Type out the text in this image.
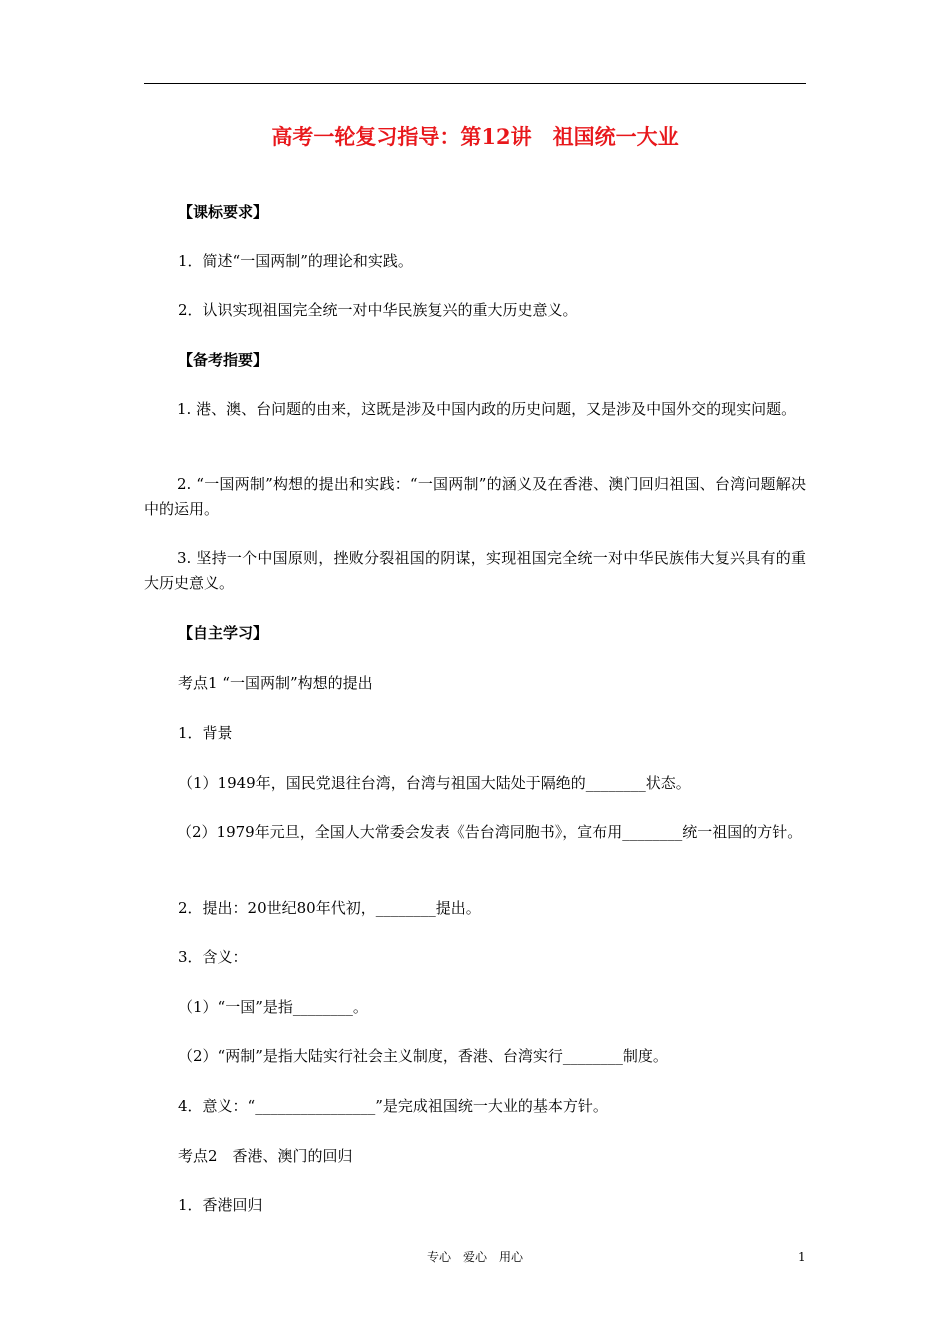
高考一轮复习指导：第12讲　祖国统一大业
【课标要求】
1．简述“一国两制”的理论和实践。
2．认识实现祖国完全统一对中华民族复兴的重大历史意义。
【备考指要】
1. 港、澳、台问题的由来，这既是涉及中国内政的历史问题，又是涉及中国外交的现实问题。
2. “一国两制”构想的提出和实践：“一国两制”的涵义及在香港、澳门回归祖国、台湾问题解决中的运用。
3. 坚持一个中国原则，挫败分裂祖国的阴谋，实现祖国完全统一对中华民族伟大复兴具有的重大历史意义。
【自主学习】
考点1 “一国两制”构想的提出
1．背景
（1）1949年，国民党退往台湾，台湾与祖国大陆处于隔绝的________状态。
（2）1979年元旦，全国人大常委会发表《告台湾同胞书》，宣布用________统一祖国的方针。
2．提出：20世纪80年代初，________提出。
3．含义：
（1）“一国”是指________。
（2）“两制”是指大陆实行社会主义制度，香港、台湾实行________制度。
4．意义：“________________”是完成祖国统一大业的基本方针。
考点2　香港、澳门的回归
1．香港回归
专心　爱心　用心	1
